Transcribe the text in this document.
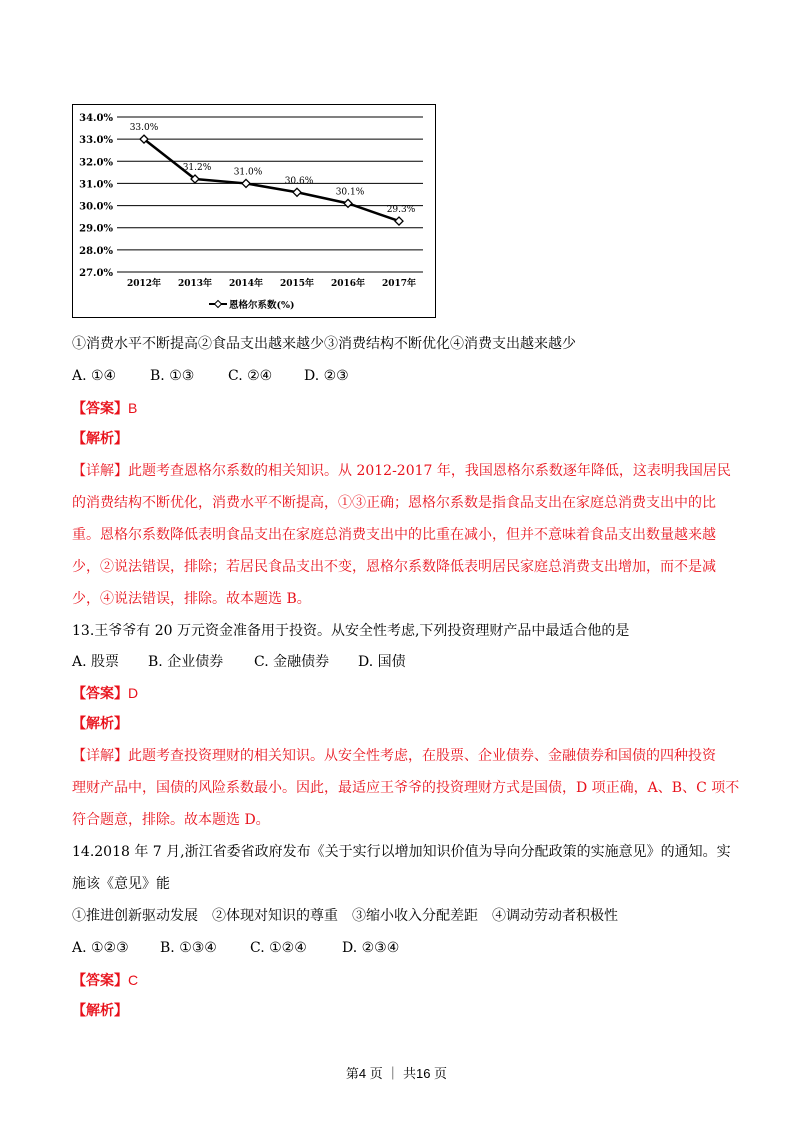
27.0%
28.0%
29.0%
30.0%
31.0%
32.0%
33.0%
34.0%
2012年 2013年 2014年 2015年 2016年 2017年
33.0%
31.2% 31.0%
30.6%
30.1%
29.3%
恩格尔系数(%)
①消费水平不断提高②食品支出越来越少③消费结构不断优化④消费支出越来越少
A. ①④ B. ①③ C. ②④ D. ②③
【答案】B
【解析】
【详解】此题考查恩格尔系数的相关知识。从 2012-2017 年，我国恩格尔系数逐年降低，这表明我国居民
的消费结构不断优化，消费水平不断提高，①③正确；恩格尔系数是指食品支出在家庭总消费支出中的比
重。恩格尔系数降低表明食品支出在家庭总消费支出中的比重在减小，但并不意味着食品支出数量越来越
少，②说法错误，排除；若居民食品支出不变，恩格尔系数降低表明居民家庭总消费支出增加，而不是减
少，④说法错误，排除。故本题选 B。
13.王爷爷有 20 万元资金准备用于投资。从安全性考虑,下列投资理财产品中最适合他的是
A. 股票 B. 企业债券 C. 金融债券 D. 国债
【答案】D
【解析】
【详解】此题考查投资理财的相关知识。从安全性考虑，在股票、企业债券、金融债券和国债的四种投资
理财产品中，国债的风险系数最小。因此，最适应王爷爷的投资理财方式是国债，D 项正确，A、B、C 项不
符合题意，排除。故本题选 D。
14.2018 年 7 月,浙江省委省政府发布《关于实行以增加知识价值为导向分配政策的实施意见》的通知。实
施该《意见》能
①推进创新驱动发展　②体现对知识的尊重　③缩小收入分配差距　④调动劳动者积极性
A. ①②③ B. ①③④ C. ①②④	D. ②③④
【答案】C
【解析】
第4 页 ｜ 共16 页
